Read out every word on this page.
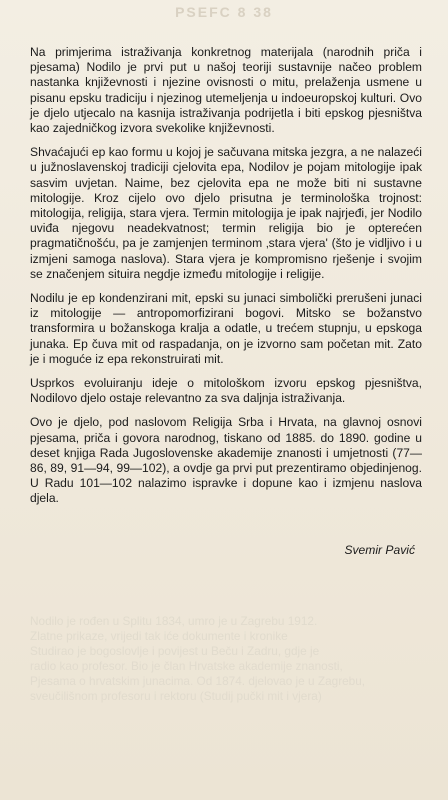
PSEFC 8 38

Na primjerima istraživanja konkretnog materijala (narodnih priča i pjesama) Nodilo je prvi put u našoj teoriji sustavnije načeo problem nastanka književnosti i njezine ovisnosti o mitu, prelaženja usmene u pisanu epsku tradiciju i njezinog utemeljenja u indoeuropskoj kulturi. Ovo je djelo utjecalo na kasnija istraživanja podrijetla i biti epskog pjesništva kao zajedničkog izvora svekolike književnosti.

Shvaćajući ep kao formu u kojoj je sačuvana mitska jezgra, a ne nalazeći u južnoslavenskoj tradiciji cjelovita epa, Nodilov je pojam mitologije ipak sasvim uvjetan. Naime, bez cjelovita epa ne može biti ni sustavne mitologije. Kroz cijelo ovo djelo prisutna je terminološka trojnost: mitologija, religija, stara vjera. Termin mitologija je ipak najrjeđi, jer Nodilo uviđa njegovu neadekvatnost; termin religija bio je opterećen pragmatičnošću, pa je zamjenjen terminom ‚stara vjera' (što je vidljivo i u izmjeni samoga naslova). Stara vjera je kompromisno rješenje i svojim se značenjem situira negdje između mitologije i religije.

Nodilu je ep kondenzirani mit, epski su junaci simbolički prerušeni junaci iz mitologije — antropomorfizirani bogovi. Mitsko se božanstvo transformira u božanskoga kralja a odatle, u trećem stupnju, u epskoga junaka. Ep čuva mit od raspadanja, on je izvorno sam početan mit. Zato je i moguće iz epa rekonstruirati mit.

Usprkos evoluiranju ideje o mitološkom izvoru epskog pjesništva, Nodilovo djelo ostaje relevantno za sva daljnja istraživanja.

Ovo je djelo, pod naslovom Religija Srba i Hrvata, na glavnoj osnovi pjesama, priča i govora narodnog, tiskano od 1885. do 1890. godine u deset knjiga Rada Jugoslovenske akademije znanosti i umjetnosti (77—86, 89, 91—94, 99—102), a ovdje ga prvi put prezentiramo objedinjenog. U Radu 101—102 nalazimo ispravke i dopune kao i izmjenu naslova djela.

Svemir Pavić
Nodilo je rođen u Splitu 1834, umro je u Zagrebu 1912.
Zlatne prikaze, vrijedi tak iće dokumente i kronike
Studirao je bogoslovlje i povijest u Beču i Zadru, gdje je
radio kao profesor. Bio je član Hrvatske akademije znanosti,
Pjesama o hrvatskim junacima. Od 1874. djelovao je u Zagrebu,
sveučilišnom profesoru i rektoru (Studij pučki mit i vjera)
